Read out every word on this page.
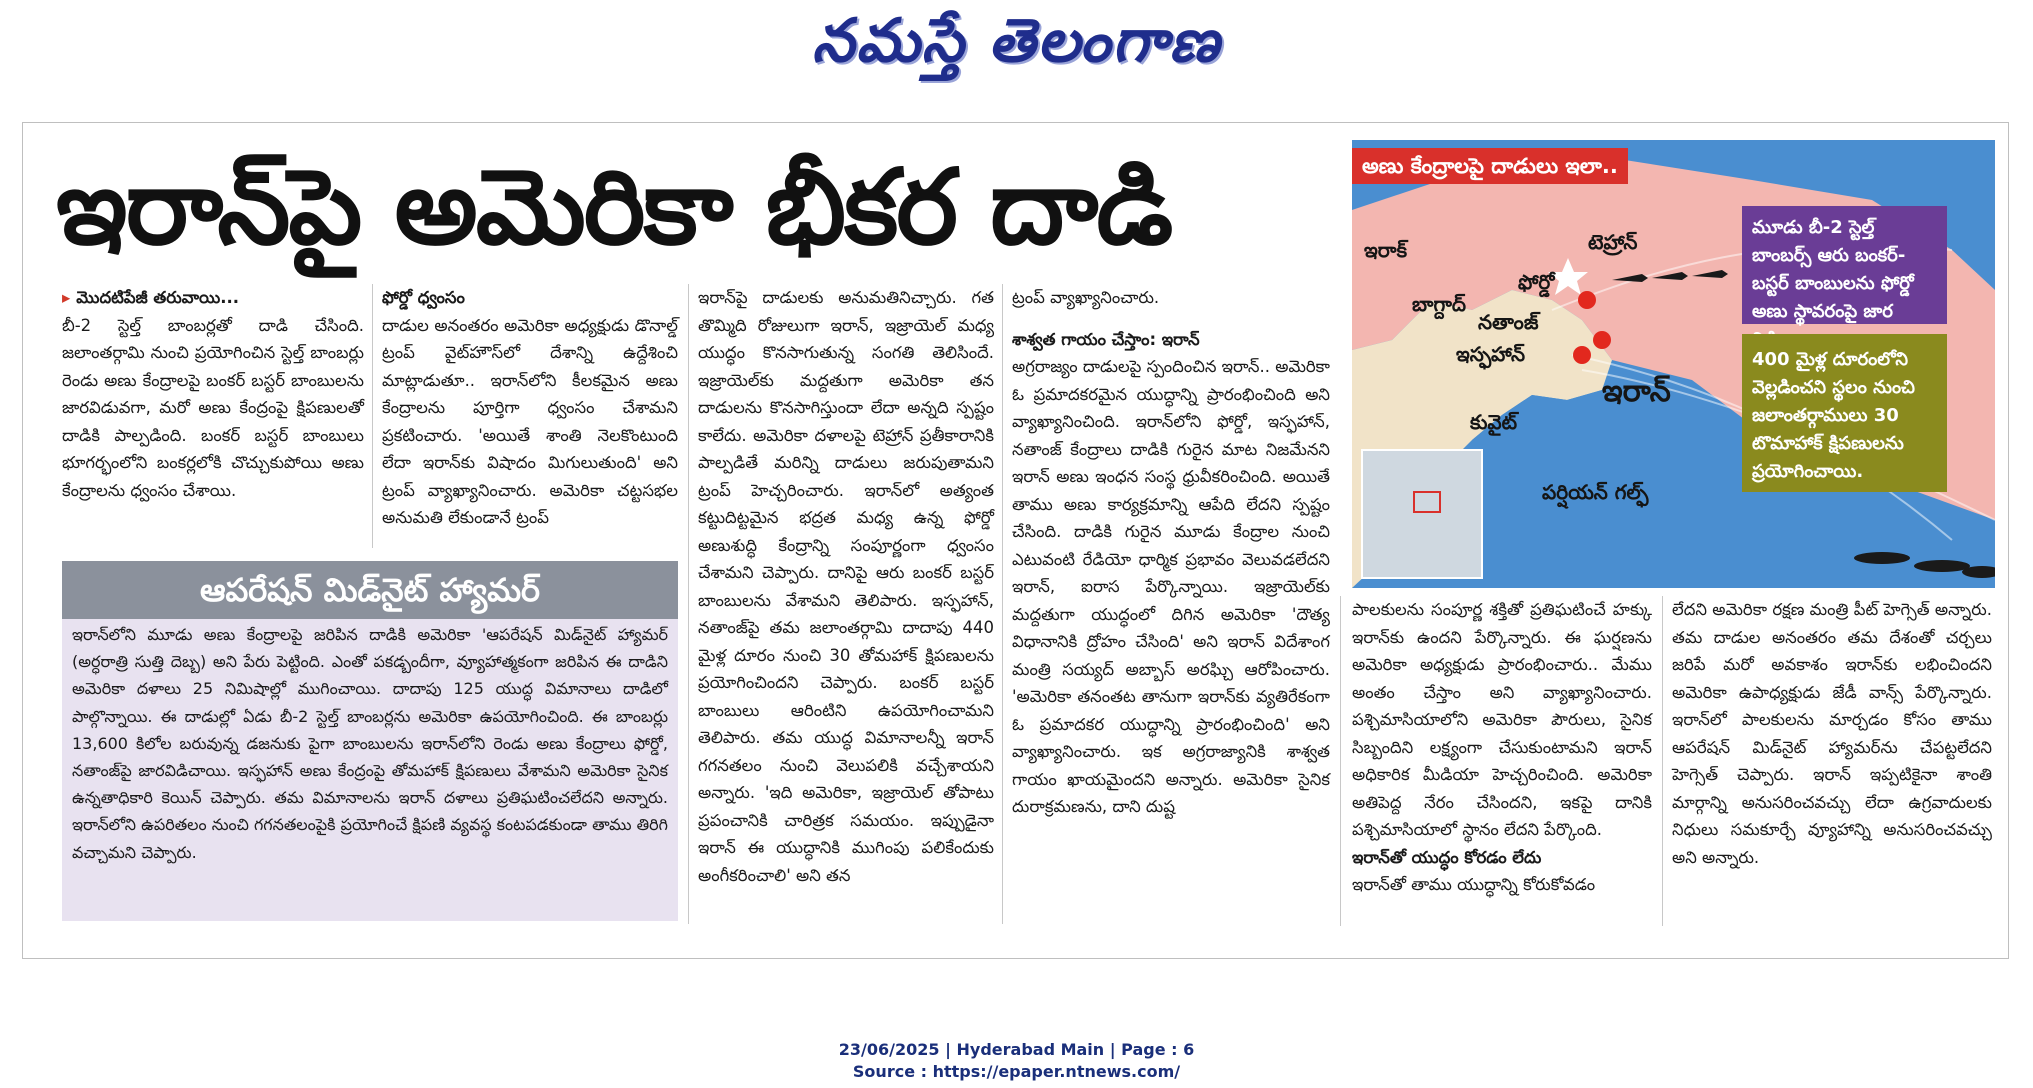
నమస్తే తెలంగాణ
ఇరాన్‌పై అమెరికా భీకర దాడి

▸ మొదటిపేజీ తరువాయి...

బీ-2 స్టెల్త్ బాంబర్లతో దాడి చేసింది. జలాంతర్గామి నుంచి ప్రయోగించిన స్టెల్త్ బాంబర్లు రెండు అణు కేంద్రాలపై బంకర్ బస్టర్ బాంబులను జారవిడువగా, మరో అణు కేంద్రంపై క్షిపణులతో దాడికి పాల్పడింది. బంకర్ బస్టర్ బాంబులు భూగర్భంలోని బంకర్లలోకి చొచ్చుకుపోయి అణు కేంద్రాలను ధ్వంసం చేశాయి.

ఫోర్డో ధ్వంసం

దాడుల అనంతరం అమెరికా అధ్యక్షుడు డొనాల్డ్ ట్రంప్ వైట్‌హౌస్‌లో దేశాన్ని ఉద్దేశించి మాట్లాడుతూ.. ఇరాన్‌లోని కీలకమైన అణు కేంద్రాలను పూర్తిగా ధ్వంసం చేశామని ప్రకటించారు. 'అయితే శాంతి నెలకొంటుంది లేదా ఇరాన్‌కు విషాదం మిగులుతుంది' అని ట్రంప్ వ్యాఖ్యానించారు. అమెరికా చట్టసభల అనుమతి లేకుండానే ట్రంప్

ఆపరేషన్ మిడ్‌నైట్ హ్యామర్
ఇరాన్‌లోని మూడు అణు కేంద్రాలపై జరిపిన దాడికి అమెరికా 'ఆపరేషన్ మిడ్‌నైట్ హ్యామర్ (అర్ధరాత్రి సుత్తి దెబ్బ) అని పేరు పెట్టింది. ఎంతో పకడ్బందీగా, వ్యూహాత్మకంగా జరిపిన ఈ దాడిని అమెరికా దళాలు 25 నిమిషాల్లో ముగించాయి. దాదాపు 125 యుద్ధ విమానాలు దాడిలో పాల్గొన్నాయి. ఈ దాడుల్లో ఏడు బీ-2 స్టెల్త్ బాంబర్లను అమెరికా ఉపయోగించింది. ఈ బాంబర్లు 13,600 కిలోల బరువున్న డజనుకు పైగా బాంబులను ఇరాన్‌లోని రెండు అణు కేంద్రాలు ఫోర్డో, నతాంజ్‌పై జారవిడిచాయి. ఇస్ఫహాన్ అణు కేంద్రంపై తోమహాక్ క్షిపణులు వేశామని అమెరికా సైనిక ఉన్నతాధికారి కెయిన్ చెప్పారు. తమ విమానాలను ఇరాన్ దళాలు ప్రతిఘటించలేదని అన్నారు. ఇరాన్‌లోని ఉపరితలం నుంచి గగనతలంపైకి ప్రయోగించే క్షిపణి వ్యవస్థ కంటపడకుండా తాము తిరిగి వచ్చామని చెప్పారు.

ఇరాన్‌పై దాడులకు అనుమతినిచ్చారు. గత తొమ్మిది రోజులుగా ఇరాన్, ఇజ్రాయెల్ మధ్య యుద్ధం కొనసాగుతున్న సంగతి తెలిసిందే. ఇజ్రాయెల్‌కు మద్దతుగా అమెరికా తన దాడులను కొనసాగిస్తుందా లేదా అన్నది స్పష్టం కాలేదు. అమెరికా దళాలపై టెహ్రాన్ ప్రతీకారానికి పాల్పడితే మరిన్ని దాడులు జరుపుతామని ట్రంప్ హెచ్చరించారు. ఇరాన్‌లో అత్యంత కట్టుదిట్టమైన భద్రత మధ్య ఉన్న ఫోర్డో అణుశుద్ధి కేంద్రాన్ని సంపూర్ణంగా ధ్వంసం చేశామని చెప్పారు. దానిపై ఆరు బంకర్ బస్టర్ బాంబులను వేశామని తెలిపారు. ఇస్ఫహాన్, నతాంజ్‌పై తమ జలాంతర్గామి దాదాపు 440 మైళ్ల దూరం నుంచి 30 తోమహాక్ క్షిపణులను ప్రయోగించిందని చెప్పారు. బంకర్ బస్టర్ బాంబులు ఆరింటిని ఉపయోగించామని తెలిపారు. తమ యుద్ధ విమానాలన్నీ ఇరాన్ గగనతలం నుంచి వెలుపలికి వచ్చేశాయని అన్నారు. 'ఇది అమెరికా, ఇజ్రాయెల్ తోపాటు ప్రపంచానికి చారిత్రక సమయం. ఇప్పుడైనా ఇరాన్ ఈ యుద్ధానికి ముగింపు పలికేందుకు అంగీకరించాలి' అని తన

ట్రంప్ వ్యాఖ్యానించారు.

శాశ్వత గాయం చేస్తాం: ఇరాన్

అగ్రరాజ్యం దాడులపై స్పందించిన ఇరాన్.. అమెరికా ఓ ప్రమాదకరమైన యుద్ధాన్ని ప్రారంభించింది అని వ్యాఖ్యానించింది. ఇరాన్‌లోని ఫోర్డో, ఇస్ఫహాన్, నతాంజ్ కేంద్రాలు దాడికి గురైన మాట నిజమేనని ఇరాన్ అణు ఇంధన సంస్థ ధ్రువీకరించింది. అయితే తాము అణు కార్యక్రమాన్ని ఆపేది లేదని స్పష్టం చేసింది. దాడికి గురైన మూడు కేంద్రాల నుంచి ఎటువంటి రేడియో ధార్మిక ప్రభావం వెలువడలేదని ఇరాన్, ఐరాస పేర్కొన్నాయి. ఇజ్రాయెల్‌కు మద్దతుగా యుద్ధంలో దిగిన అమెరికా 'దౌత్య విధానానికి ద్రోహం చేసింది' అని ఇరాన్ విదేశాంగ మంత్రి సయ్యద్ అబ్బాస్ అరఘ్చి ఆరోపించారు. 'అమెరికా తనంతట తానుగా ఇరాన్‌కు వ్యతిరేకంగా ఓ ప్రమాదకర యుద్ధాన్ని ప్రారంభించింది' అని వ్యాఖ్యానించారు. ఇక అగ్రరాజ్యానికి శాశ్వత గాయం ఖాయమైందని అన్నారు. అమెరికా సైనిక దురాక్రమణను, దాని దుష్ట

పాలకులను సంపూర్ణ శక్తితో ప్రతిఘటించే హక్కు ఇరాన్‌కు ఉందని పేర్కొన్నారు. ఈ ఘర్షణను అమెరికా అధ్యక్షుడు ప్రారంభించారు.. మేము అంతం చేస్తాం అని వ్యాఖ్యానించారు. పశ్చిమాసియాలోని అమెరికా పౌరులు, సైనిక సిబ్బందిని లక్ష్యంగా చేసుకుంటామని ఇరాన్ అధికారిక మీడియా హెచ్చరించింది. అమెరికా అతిపెద్ద నేరం చేసిందని, ఇకపై దానికి పశ్చిమాసియాలో స్థానం లేదని పేర్కొంది.

ఇరాన్‌తో యుద్ధం కోరడం లేదు

ఇరాన్‌తో తాము యుద్ధాన్ని కోరుకోవడం

లేదని అమెరికా రక్షణ మంత్రి పీట్ హెగ్సెత్ అన్నారు. తమ దాడుల అనంతరం తమ దేశంతో చర్చలు జరిపే మరో అవకాశం ఇరాన్‌కు లభించిందని అమెరికా ఉపాధ్యక్షుడు జేడీ వాన్స్ పేర్కొన్నారు. ఇరాన్‌లో పాలకులను మార్చడం కోసం తాము ఆపరేషన్ మిడ్‌నైట్ హ్యామర్‌ను చేపట్టలేదని హెగ్సెత్ చెప్పారు. ఇరాన్ ఇప్పటికైనా శాంతి మార్గాన్ని అనుసరించవచ్చు లేదా ఉగ్రవాదులకు నిధులు సమకూర్చే వ్యూహాన్ని అనుసరించవచ్చు అని అన్నారు.

ఇరాక్
బాగ్దాద్
టెహ్రాన్
ఫోర్డో
నతాంజ్
ఇస్ఫహాన్
ఇరాన్
కువైట్
పర్షియన్ గల్ఫ్
అణు కేంద్రాలపై దాడులు ఇలా..
మూడు బీ-2 స్టెల్త్ బాంబర్స్ ఆరు బంకర్-బస్టర్ బాంబులను ఫోర్డో అణు స్థావరంపై జార
400 మైళ్ల దూరంలోని వెల్లడించని స్థలం నుంచి జలాంతర్గాములు 30 టొమాహాక్ క్షిపణులను ప్రయోగించాయి.
23/06/2025 | Hyderabad Main | Page : 6
Source : https://epaper.ntnews.com/
